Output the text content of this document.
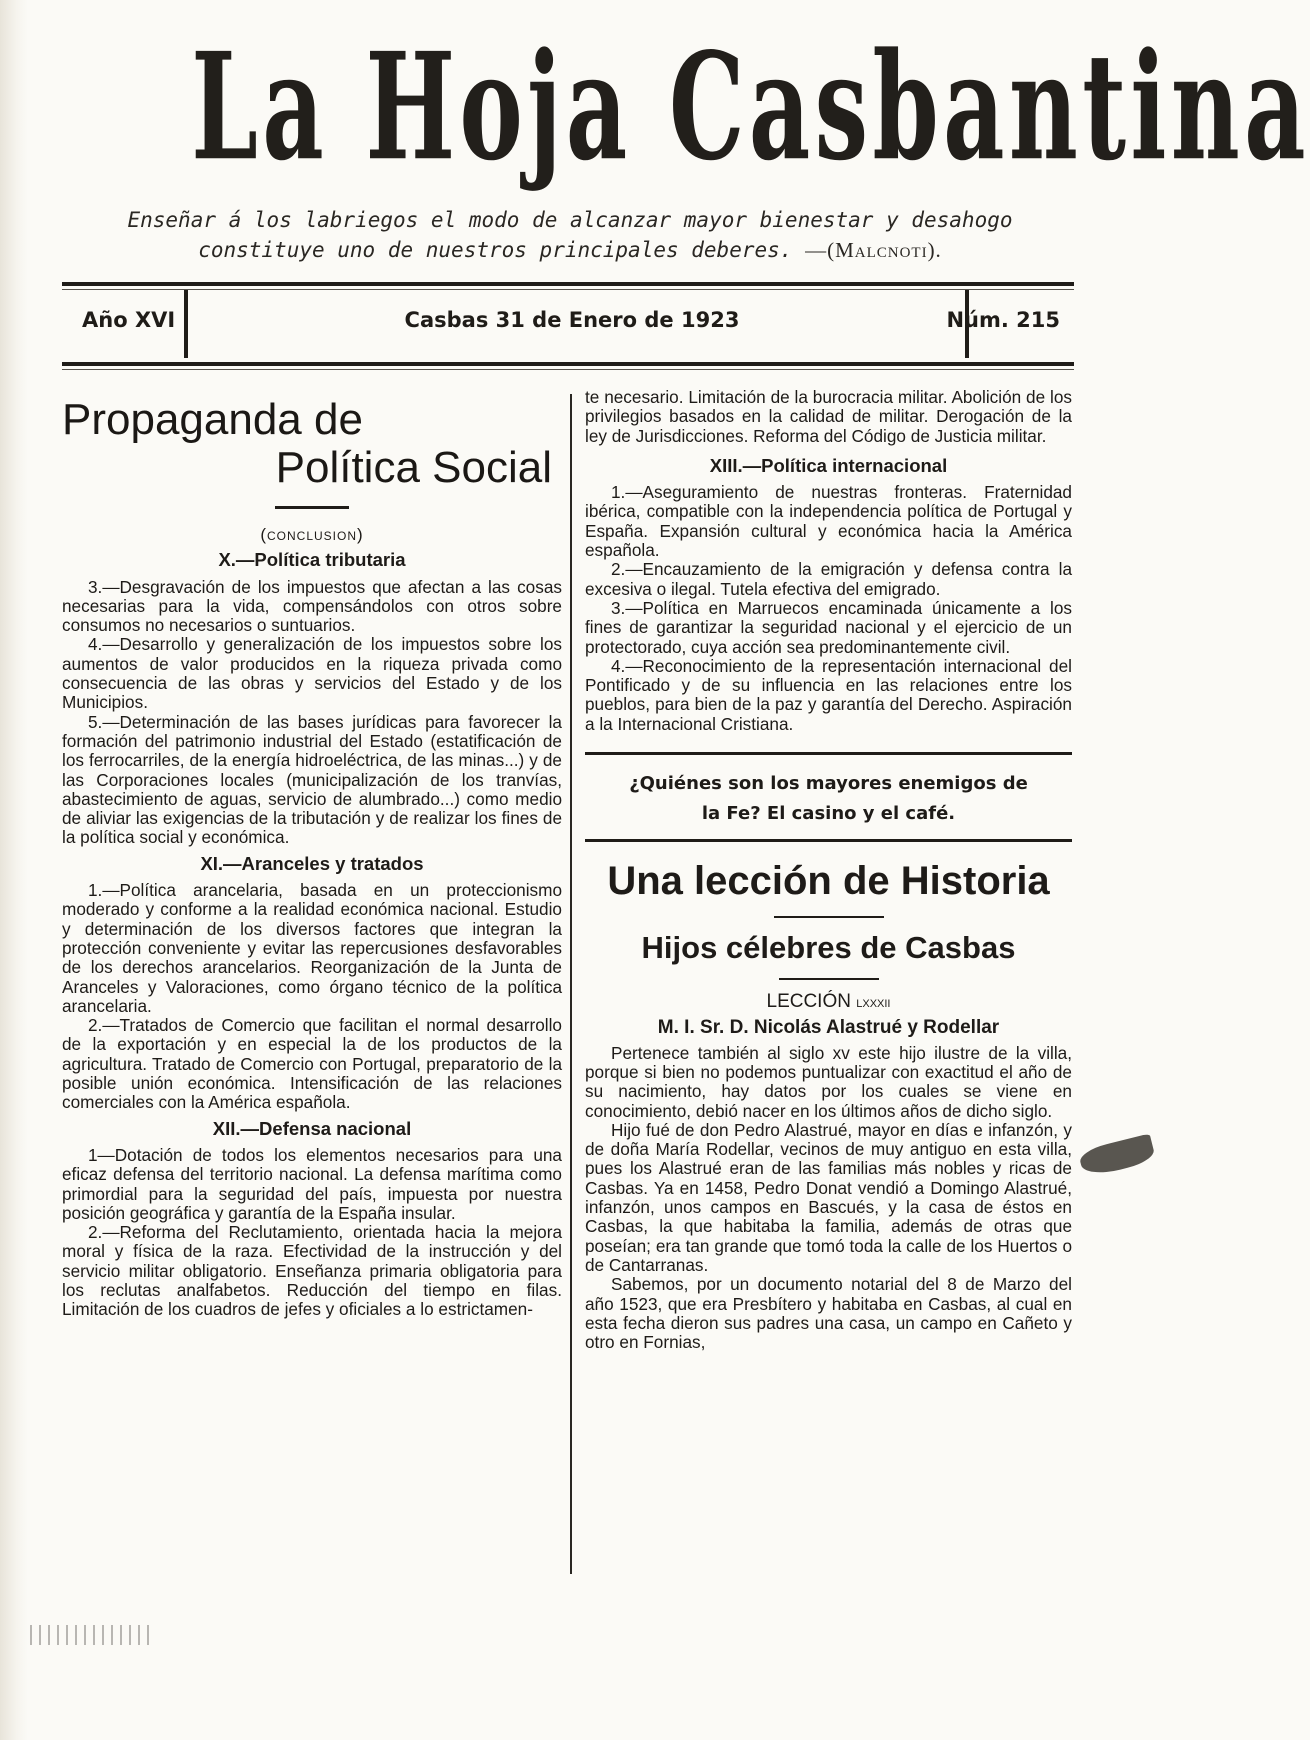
La Hoja Casbantina
Enseñar á los labriegos el modo de alcanzar mayor bienestar y desahogo
constituye uno de nuestros principales deberes. —(Malcnoti).
Año XVI	Casbas 31 de Enero de 1923	Núm. 215
Propaganda de
Política Social
(conclusion)
X.—Política tributaria

3.—Desgravación de los impuestos que afectan a las cosas necesarias para la vida, compensándolos con otros sobre consumos no necesarios o suntuarios.

4.—Desarrollo y generalización de los impuestos sobre los aumentos de valor producidos en la riqueza privada como consecuencia de las obras y servicios del Estado y de los Municipios.

5.—Determinación de las bases jurídicas para favorecer la formación del patrimonio industrial del Estado (estatificación de los ferrocarriles, de la energía hidroeléctrica, de las minas...) y de las Corporaciones locales (municipalización de los tranvías, abastecimiento de aguas, servicio de alumbrado...) como medio de aliviar las exigencias de la tributación y de realizar los fines de la política social y económica.

XI.—Aranceles y tratados

1.—Política arancelaria, basada en un proteccionismo moderado y conforme a la realidad económica nacional. Estudio y determinación de los diversos factores que integran la protección conveniente y evitar las repercusiones desfavorables de los derechos arancelarios. Reorganización de la Junta de Aranceles y Valoraciones, como órgano técnico de la política arancelaria.

2.—Tratados de Comercio que facilitan el normal desarrollo de la exportación y en especial la de los productos de la agricultura. Tratado de Comercio con Portugal, preparatorio de la posible unión económica. Intensificación de las relaciones comerciales con la América española.

XII.—Defensa nacional

1—Dotación de todos los elementos necesarios para una eficaz defensa del territorio nacional. La defensa marítima como primordial para la seguridad del país, impuesta por nuestra posición geográfica y garantía de la España insular.

2.—Reforma del Reclutamiento, orientada hacia la mejora moral y física de la raza. Efectividad de la instrucción y del servicio militar obligatorio. Enseñanza primaria obligatoria para los reclutas analfabetos. Reducción del tiempo en filas. Limitación de los cuadros de jefes y oficiales a lo estrictamen-

te necesario. Limitación de la burocracia militar. Abolición de los privilegios basados en la calidad de militar. Derogación de la ley de Jurisdicciones. Reforma del Código de Justicia militar.

XIII.—Política internacional

1.—Aseguramiento de nuestras fronteras. Fraternidad ibérica, compatible con la independencia política de Portugal y España. Expansión cultural y económica hacia la América española.

2.—Encauzamiento de la emigración y defensa contra la excesiva o ilegal. Tutela efectiva del emigrado.

3.—Política en Marruecos encaminada únicamente a los fines de garantizar la seguridad nacional y el ejercicio de un protectorado, cuya acción sea predominantemente civil.

4.—Reconocimiento de la representación internacional del Pontificado y de su influencia en las relaciones entre los pueblos, para bien de la paz y garantía del Derecho. Aspiración a la Internacional Cristiana.

¿Quiénes son los mayores enemigos de
la Fe? El casino y el café.
Una lección de Historia
Hijos célebres de Casbas
LECCIÓN lxxxii
M. I. Sr. D. Nicolás Alastrué y Rodellar

Pertenece también al siglo xv este hijo ilustre de la villa, porque si bien no podemos puntualizar con exactitud el año de su nacimiento, hay datos por los cuales se viene en conocimiento, debió nacer en los últimos años de dicho siglo.

Hijo fué de don Pedro Alastrué, mayor en días e infanzón, y de doña María Rodellar, vecinos de muy antiguo en esta villa, pues los Alastrué eran de las familias más nobles y ricas de Casbas. Ya en 1458, Pedro Donat vendió a Domingo Alastrué, infanzón, unos campos en Bascués, y la casa de éstos en Casbas, la que habitaba la familia, además de otras que poseían; era tan grande que tomó toda la calle de los Huertos o de Cantarranas.

Sabemos, por un documento notarial del 8 de Marzo del año 1523, que era Presbítero y habitaba en Casbas, al cual en esta fecha dieron sus padres una casa, un campo en Cañeto y otro en Fornias,
